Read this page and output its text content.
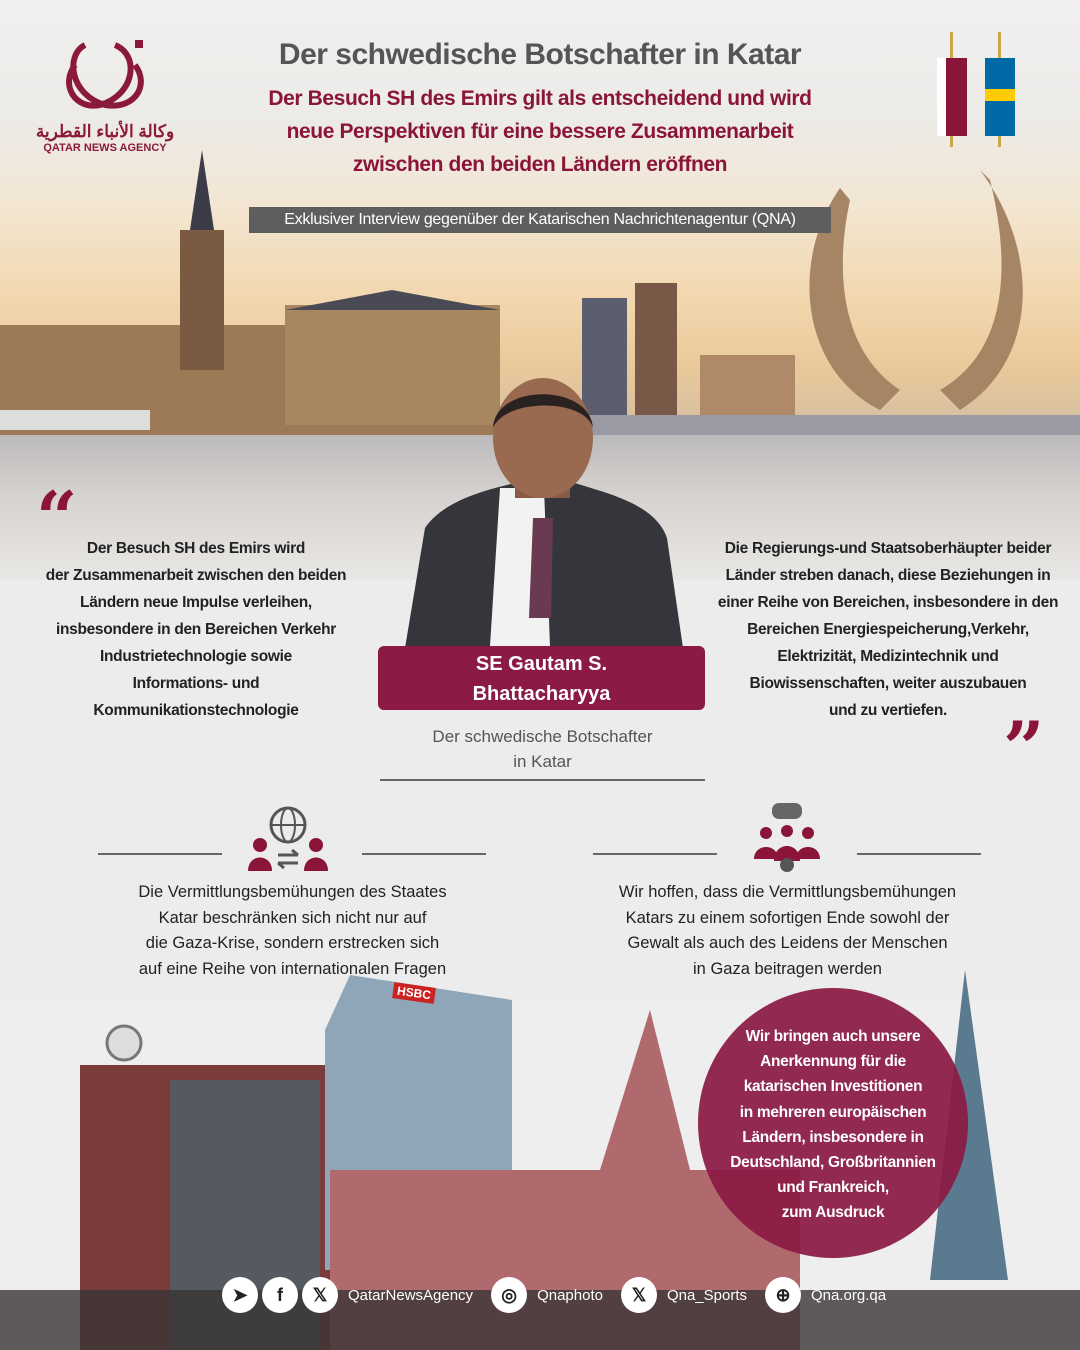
وكالة الأنباء القطرية
QATAR NEWS AGENCY
Der schwedische Botschafter in Katar
Der Besuch SH des Emirs gilt als entscheidend und wird
neue Perspektiven für eine bessere Zusammenarbeit
zwischen den beiden Ländern eröffnen
Exklusiver Interview gegenüber der Katarischen Nachrichtenagentur (QNA)
“ Der Besuch SH des Emirs wird
der Zusammenarbeit zwischen den beiden
Ländern neue Impulse verleihen,
insbesondere in den Bereichen Verkehr
Industrietechnologie sowie
Informations- und
Kommunikationstechnologie
Die Regierungs-und Staatsoberhäupter beider
Länder streben danach, diese Beziehungen in
einer Reihe von Bereichen, insbesondere in den
Bereichen Energiespeicherung,Verkehr,
Elektrizität, Medizintechnik und
Biowissenschaften, weiter auszubauen
und zu vertiefen. ”
SE Gautam S.
Bhattacharyya
Der schwedische Botschafter
in Katar
Die Vermittlungsbemühungen des Staates
Katar beschränken sich nicht nur auf
die Gaza-Krise, sondern erstrecken sich
auf eine Reihe von internationalen Fragen
Wir hoffen, dass die Vermittlungsbemühungen
Katars zu einem sofortigen Ende sowohl der
Gewalt als auch des Leidens der Menschen
in Gaza beitragen werden
HSBC
Wir bringen auch unsere
Anerkennung für die
katarischen Investitionen
in mehreren europäischen
Ländern, insbesondere in
Deutschland, Großbritannien
und Frankreich,
zum Ausdruck
➤	f	𝕏	QatarNewsAgency	◎	Qnaphoto	𝕏	Qna_Sports	⊕	Qna.org.qa
